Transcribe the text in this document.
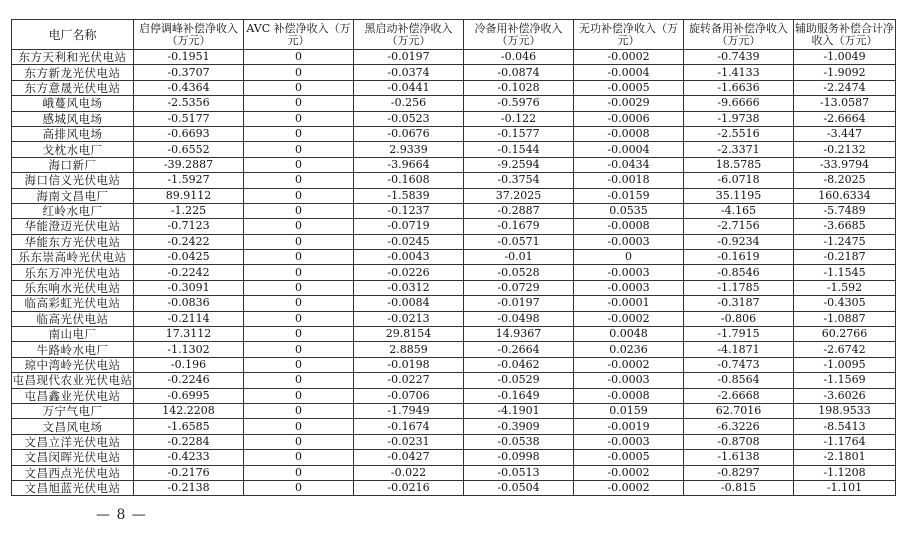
电厂名称	启停调峰补偿净收入（万元）	AVC 补偿净收入（万元）	黑启动补偿净收入（万元）	冷备用补偿净收入（万元）	无功补偿净收入（万元）	旋转备用补偿净收入（万元）	辅助服务补偿合计净收入（万元）
东方天利和光伏电站	-0.1951	0	-0.0197	-0.046	-0.0002	-0.7439	-1.0049
东方新龙光伏电站	-0.3707	0	-0.0374	-0.0874	-0.0004	-1.4133	-1.9092
东方意晟光伏电站	-0.4364	0	-0.0441	-0.1028	-0.0005	-1.6636	-2.2474
峨蔓风电场	-2.5356	0	-0.256	-0.5976	-0.0029	-9.6666	-13.0587
感城风电场	-0.5177	0	-0.0523	-0.122	-0.0006	-1.9738	-2.6664
高排风电场	-0.6693	0	-0.0676	-0.1577	-0.0008	-2.5516	-3.447
戈枕水电厂	-0.6552	0	2.9339	-0.1544	-0.0004	-2.3371	-0.2132
海口新厂	-39.2887	0	-3.9664	-9.2594	-0.0434	18.5785	-33.9794
海口信义光伏电站	-1.5927	0	-0.1608	-0.3754	-0.0018	-6.0718	-8.2025
海南文昌电厂	89.9112	0	-1.5839	37.2025	-0.0159	35.1195	160.6334
红岭水电厂	-1.225	0	-0.1237	-0.2887	0.0535	-4.165	-5.7489
华能澄迈光伏电站	-0.7123	0	-0.0719	-0.1679	-0.0008	-2.7156	-3.6685
华能东方光伏电站	-0.2422	0	-0.0245	-0.0571	-0.0003	-0.9234	-1.2475
乐东崇高岭光伏电站	-0.0425	0	-0.0043	-0.01	0	-0.1619	-0.2187
乐东万冲光伏电站	-0.2242	0	-0.0226	-0.0528	-0.0003	-0.8546	-1.1545
乐东响水光伏电站	-0.3091	0	-0.0312	-0.0729	-0.0003	-1.1785	-1.592
临高彩虹光伏电站	-0.0836	0	-0.0084	-0.0197	-0.0001	-0.3187	-0.4305
临高光伏电站	-0.2114	0	-0.0213	-0.0498	-0.0002	-0.806	-1.0887
南山电厂	17.3112	0	29.8154	14.9367	0.0048	-1.7915	60.2766
牛路岭水电厂	-1.1302	0	2.8859	-0.2664	0.0236	-4.1871	-2.6742
琼中湾岭光伏电站	-0.196	0	-0.0198	-0.0462	-0.0002	-0.7473	-1.0095
屯昌现代农业光伏电站	-0.2246	0	-0.0227	-0.0529	-0.0003	-0.8564	-1.1569
屯昌鑫业光伏电站	-0.6995	0	-0.0706	-0.1649	-0.0008	-2.6668	-3.6026
万宁气电厂	142.2208	0	-1.7949	-4.1901	0.0159	62.7016	198.9533
文昌风电场	-1.6585	0	-0.1674	-0.3909	-0.0019	-6.3226	-8.5413
文昌立洋光伏电站	-0.2284	0	-0.0231	-0.0538	-0.0003	-0.8708	-1.1764
文昌闵晖光伏电站	-0.4233	0	-0.0427	-0.0998	-0.0005	-1.6138	-2.1801
文昌西点光伏电站	-0.2176	0	-0.022	-0.0513	-0.0002	-0.8297	-1.1208
文昌旭蓝光伏电站	-0.2138	0	-0.0216	-0.0504	-0.0002	-0.815	-1.101
— 8 —
